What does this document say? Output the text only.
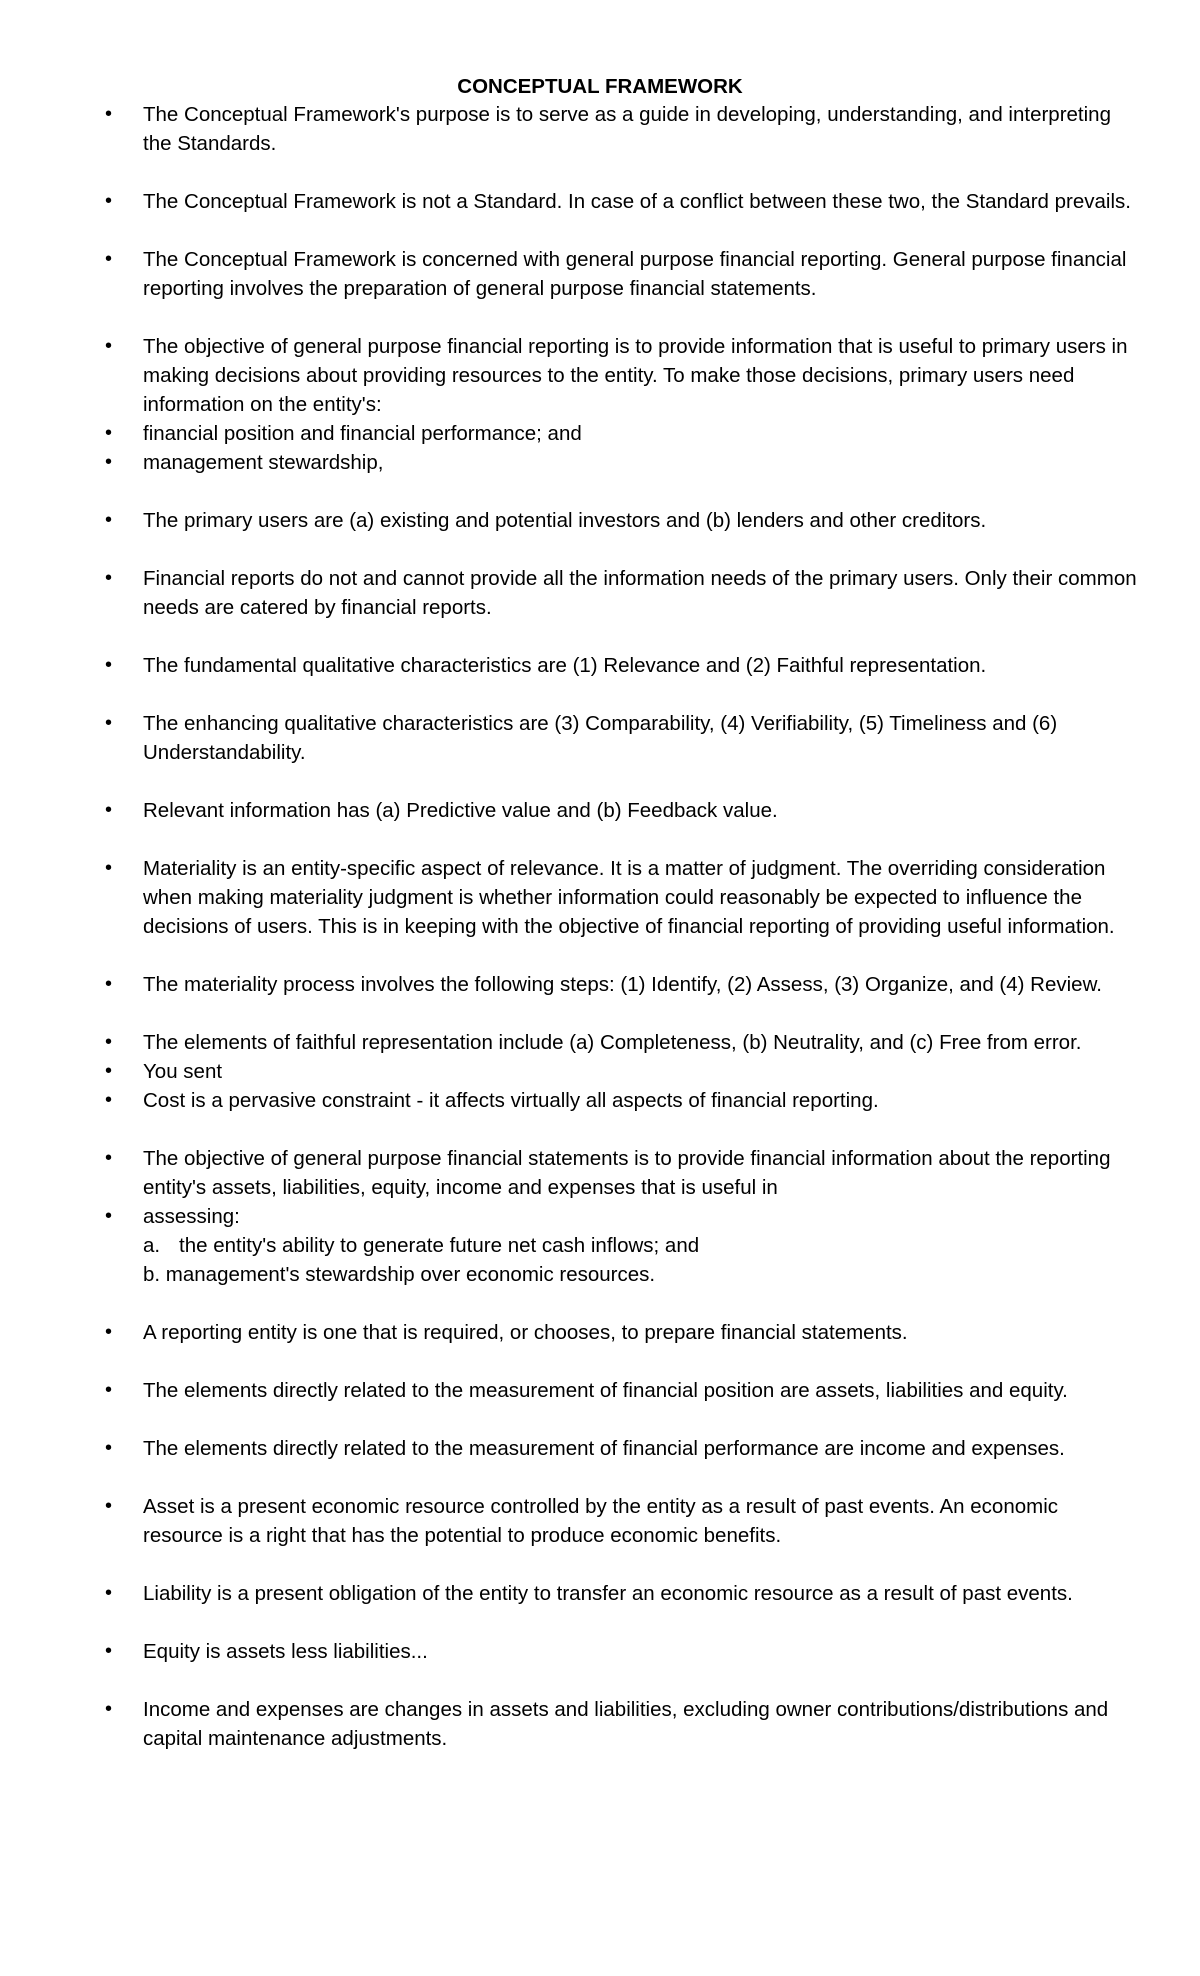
CONCEPTUAL FRAMEWORK
• The Conceptual Framework's purpose is to serve as a guide in developing, understanding, and interpreting the Standards.
• The Conceptual Framework is not a Standard. In case of a conflict between these two, the Standard prevails.
• The Conceptual Framework is concerned with general purpose financial reporting. General purpose financial reporting involves the preparation of general purpose financial statements.
• The objective of general purpose financial reporting is to provide information that is useful to primary users in making decisions about providing resources to the entity. To make those decisions, primary users need information on the entity's:
• financial position and financial performance; and
• management stewardship,
• The primary users are (a) existing and potential investors and (b) lenders and other creditors.
• Financial reports do not and cannot provide all the information needs of the primary users. Only their common needs are catered by financial reports.
• The fundamental qualitative characteristics are (1) Relevance and (2) Faithful representation.
• The enhancing qualitative characteristics are (3) Comparability, (4) Verifiability, (5) Timeliness and (6) Understandability.
• Relevant information has (a) Predictive value and (b) Feedback value.
• Materiality is an entity-specific aspect of relevance. It is a matter of judgment. The overriding consideration when making materiality judgment is whether information could reasonably be expected to influence the decisions of users. This is in keeping with the objective of financial reporting of providing useful information.
• The materiality process involves the following steps: (1) Identify, (2) Assess, (3) Organize, and (4) Review.
• The elements of faithful representation include (a) Completeness, (b) Neutrality, and (c) Free from error.
• You sent
• Cost is a pervasive constraint - it affects virtually all aspects of financial reporting.
• The objective of general purpose financial statements is to provide financial information about the reporting entity's assets, liabilities, equity, income and expenses that is useful in
• assessing:
a. the entity's ability to generate future net cash inflows; and
b. management's stewardship over economic resources.
• A reporting entity is one that is required, or chooses, to prepare financial statements.
• The elements directly related to the measurement of financial position are assets, liabilities and equity.
• The elements directly related to the measurement of financial performance are income and expenses.
• Asset is a present economic resource controlled by the entity as a result of past events. An economic resource is a right that has the potential to produce economic benefits.
• Liability is a present obligation of the entity to transfer an economic resource as a result of past events.
• Equity is assets less liabilities...
• Income and expenses are changes in assets and liabilities, excluding owner contributions/distributions and capital maintenance adjustments.
